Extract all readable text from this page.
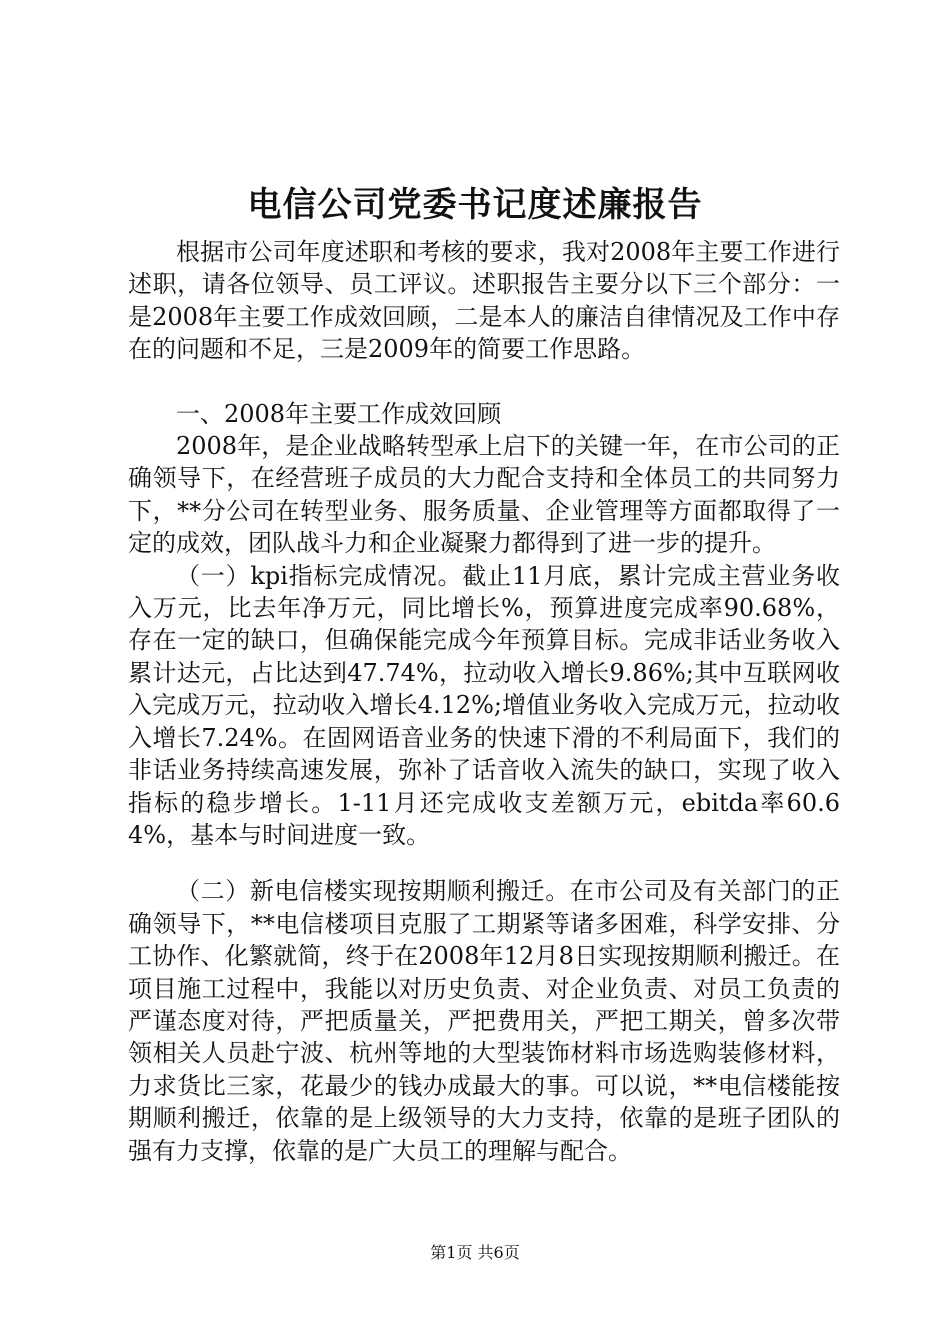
电信公司党委书记度述廉报告

根据市公司年度述职和考核的要求，我对2008年主要工作进行述职，请各位领导、员工评议。述职报告主要分以下三个部分：一是2008年主要工作成效回顾，二是本人的廉洁自律情况及工作中存在的问题和不足，三是2009年的简要工作思路。

一、2008年主要工作成效回顾

2008年，是企业战略转型承上启下的关键一年，在市公司的正确领导下，在经营班子成员的大力配合支持和全体员工的共同努力下，**分公司在转型业务、服务质量、企业管理等方面都取得了一定的成效，团队战斗力和企业凝聚力都得到了进一步的提升。

（一）kpi指标完成情况。截止11月底，累计完成主营业务收入万元，比去年净万元，同比增长%，预算进度完成率90.68%，存在一定的缺口，但确保能完成今年预算目标。完成非话业务收入累计达元，占比达到47.74%，拉动收入增长9.86%;其中互联网收入完成万元，拉动收入增长4.12%;增值业务收入完成万元，拉动收入增长7.24%。在固网语音业务的快速下滑的不利局面下，我们的非话业务持续高速发展，弥补了话音收入流失的缺口，实现了收入指标的稳步增长。1-11月还完成收支差额万元，ebitda率60.64%，基本与时间进度一致。

（二）新电信楼实现按期顺利搬迁。在市公司及有关部门的正确领导下，**电信楼项目克服了工期紧等诸多困难，科学安排、分工协作、化繁就简，终于在2008年12月8日实现按期顺利搬迁。在项目施工过程中，我能以对历史负责、对企业负责、对员工负责的严谨态度对待，严把质量关，严把费用关，严把工期关，曾多次带领相关人员赴宁波、杭州等地的大型装饰材料市场选购装修材料，力求货比三家，花最少的钱办成最大的事。可以说，**电信楼能按期顺利搬迁，依靠的是上级领导的大力支持，依靠的是班子团队的强有力支撑，依靠的是广大员工的理解与配合。

第1页 共6页
